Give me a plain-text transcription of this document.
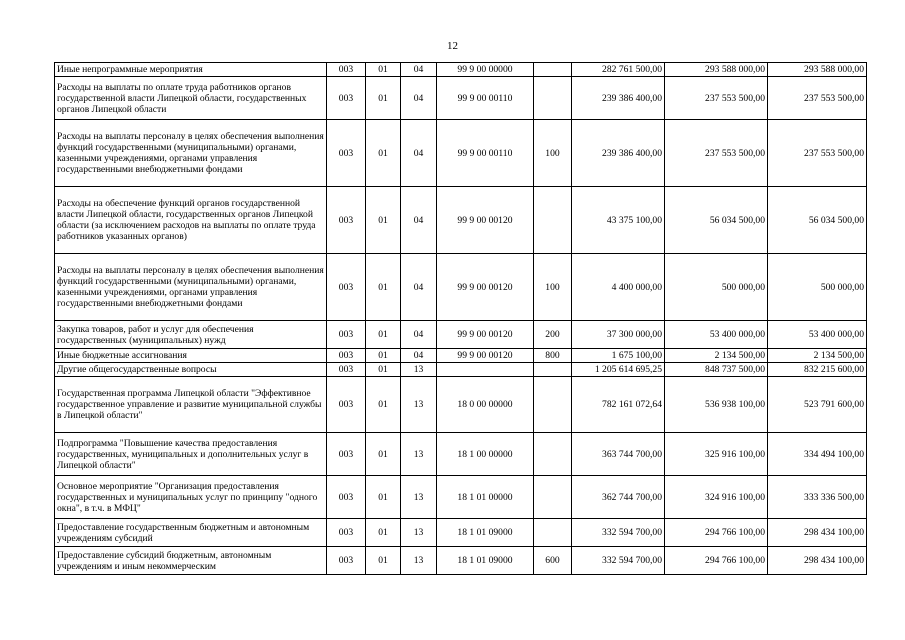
12
Иные непрограммные мероприятия	003	01	04	99 9 00 00000		282 761 500,00	293 588 000,00	293 588 000,00
Расходы на выплаты по оплате труда работников органов государственной власти Липецкой области, государственных органов Липецкой области	003	01	04	99 9 00 00110		239 386 400,00	237 553 500,00	237 553 500,00
Расходы на выплаты персоналу в целях обеспечения выполнения функций государственными (муниципальными) органами, казенными учреждениями, органами управления государственными внебюджетными фондами	003	01	04	99 9 00 00110	100	239 386 400,00	237 553 500,00	237 553 500,00
Расходы на обеспечение функций органов государственной власти Липецкой области, государственных органов Липецкой области (за исключением расходов на выплаты по оплате труда работников указанных органов)	003	01	04	99 9 00 00120		43 375 100,00	56 034 500,00	56 034 500,00
Расходы на выплаты персоналу в целях обеспечения выполнения функций государственными (муниципальными) органами, казенными учреждениями, органами управления государственными внебюджетными фондами	003	01	04	99 9 00 00120	100	4 400 000,00	500 000,00	500 000,00
Закупка товаров, работ и услуг для обеспечения государственных (муниципальных) нужд	003	01	04	99 9 00 00120	200	37 300 000,00	53 400 000,00	53 400 000,00
Иные бюджетные ассигнования	003	01	04	99 9 00 00120	800	1 675 100,00	2 134 500,00	2 134 500,00
Другие общегосударственные вопросы	003	01	13			1 205 614 695,25	848 737 500,00	832 215 600,00
Государственная программа Липецкой области "Эффективное государственное управление и развитие муниципальной службы в Липецкой области"	003	01	13	18 0 00 00000		782 161 072,64	536 938 100,00	523 791 600,00
Подпрограмма "Повышение качества предоставления государственных, муниципальных и дополнительных услуг в Липецкой области"	003	01	13	18 1 00 00000		363 744 700,00	325 916 100,00	334 494 100,00
Основное мероприятие "Организация предоставления государственных и муниципальных услуг по принципу "одного окна", в т.ч. в МФЦ"	003	01	13	18 1 01 00000		362 744 700,00	324 916 100,00	333 336 500,00
Предоставление государственным бюджетным и автономным учреждениям субсидий	003	01	13	18 1 01 09000		332 594 700,00	294 766 100,00	298 434 100,00
Предоставление субсидий бюджетным, автономным учреждениям и иным некоммерческим	003	01	13	18 1 01 09000	600	332 594 700,00	294 766 100,00	298 434 100,00
